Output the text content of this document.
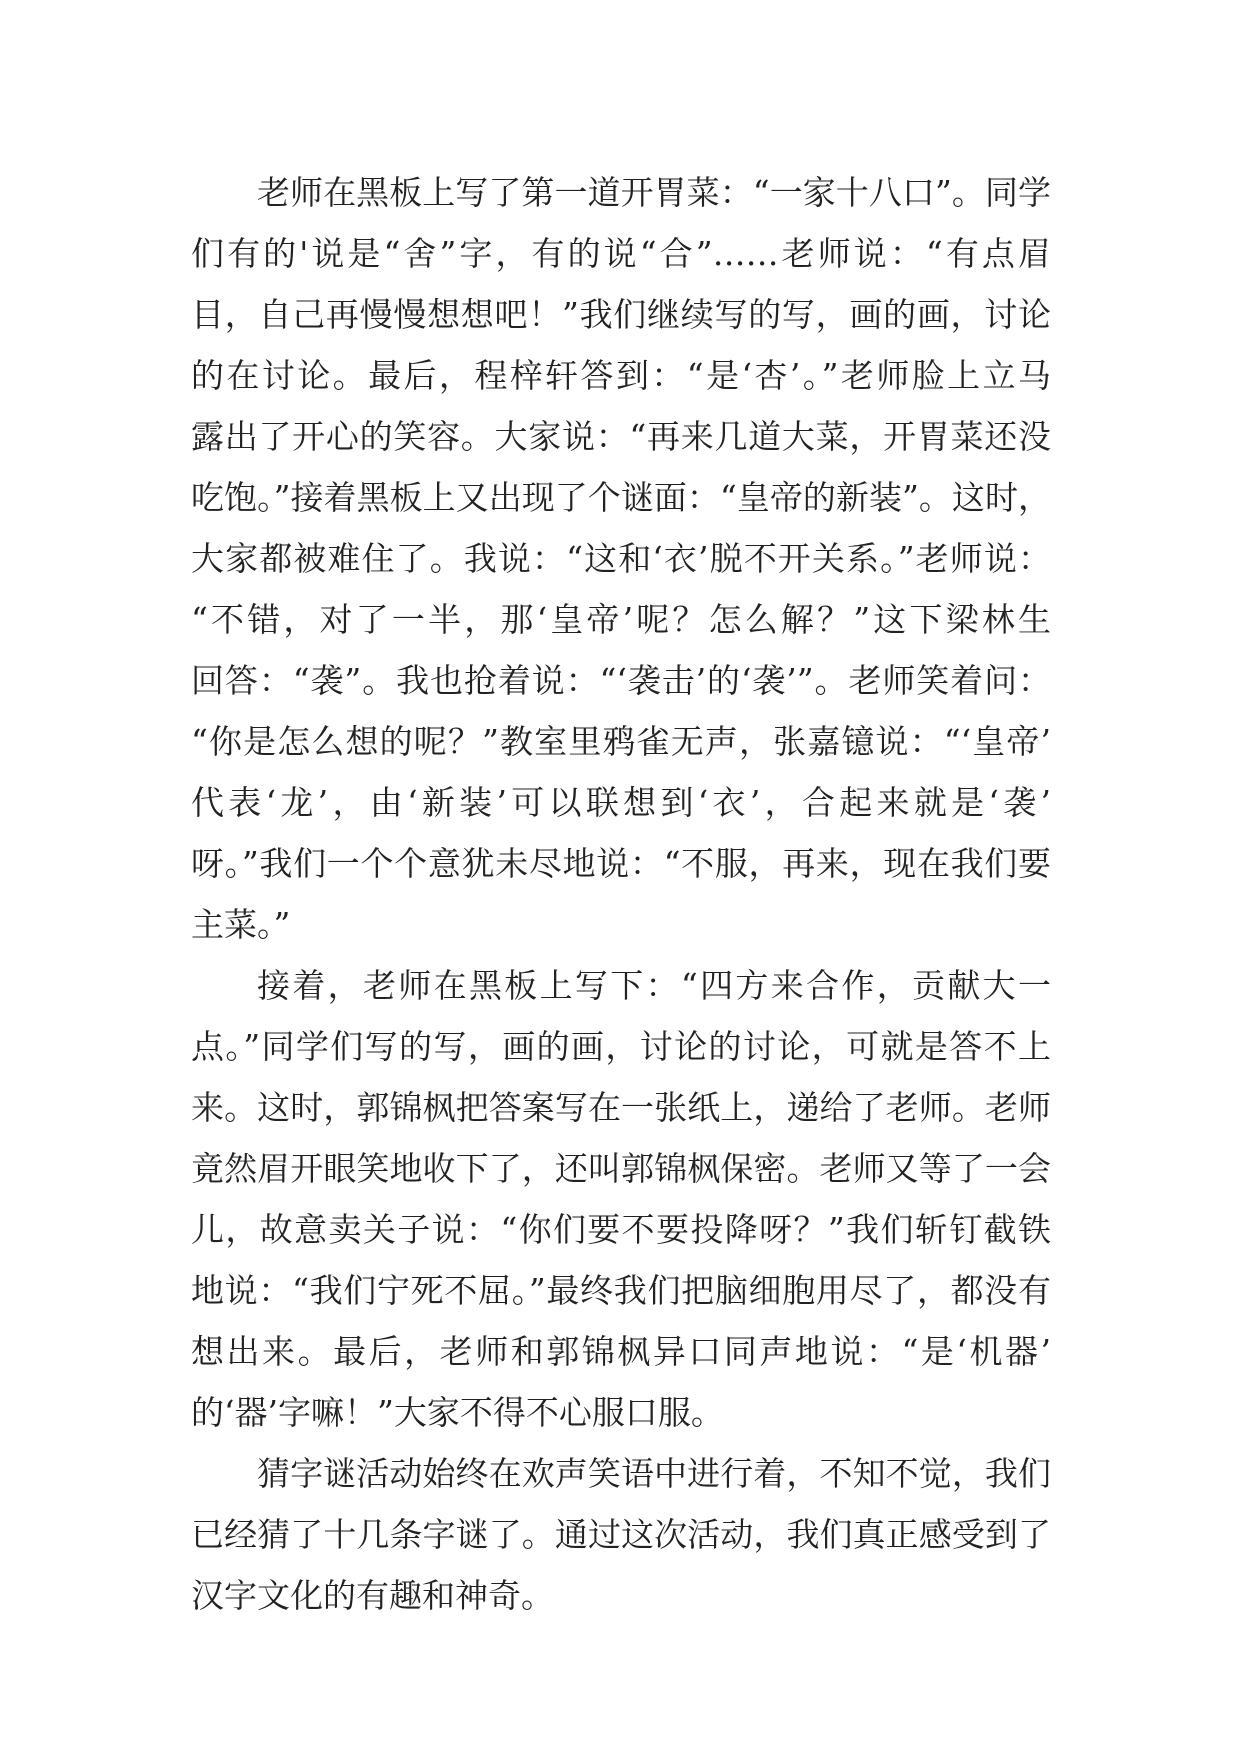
老师在黑板上写了第一道开胃菜：“一家十八口”。同学
们有的'说是“舍”字，有的说“合”……老师说：“有点眉
目，自己再慢慢想想吧！”我们继续写的写，画的画，讨论
的在讨论。最后，程梓轩答到：“是‘杏’。”老师脸上立马
露出了开心的笑容。大家说：“再来几道大菜，开胃菜还没
吃饱。”接着黑板上又出现了个谜面：“皇帝的新装”。这时，
大家都被难住了。我说：“这和‘衣’脱不开关系。”老师说：
“不错，对了一半，那‘皇帝’呢？怎么解？”这下梁林生
回答：“袭”。我也抢着说：“‘袭击’的‘袭’”。老师笑着问：
“你是怎么想的呢？”教室里鸦雀无声，张嘉镱说：“‘皇帝’
代表‘龙’，由‘新装’可以联想到‘衣’，合起来就是‘袭’
呀。”我们一个个意犹未尽地说：“不服，再来，现在我们要
主菜。”
接着，老师在黑板上写下：“四方来合作，贡献大一
点。”同学们写的写，画的画，讨论的讨论，可就是答不上
来。这时，郭锦枫把答案写在一张纸上，递给了老师。老师
竟然眉开眼笑地收下了，还叫郭锦枫保密。老师又等了一会
儿，故意卖关子说：“你们要不要投降呀？”我们斩钉截铁
地说：“我们宁死不屈。”最终我们把脑细胞用尽了，都没有
想出来。最后，老师和郭锦枫异口同声地说：“是‘机器’
的‘器’字嘛！”大家不得不心服口服。
猜字谜活动始终在欢声笑语中进行着，不知不觉，我们
已经猜了十几条字谜了。通过这次活动，我们真正感受到了
汉字文化的有趣和神奇。
